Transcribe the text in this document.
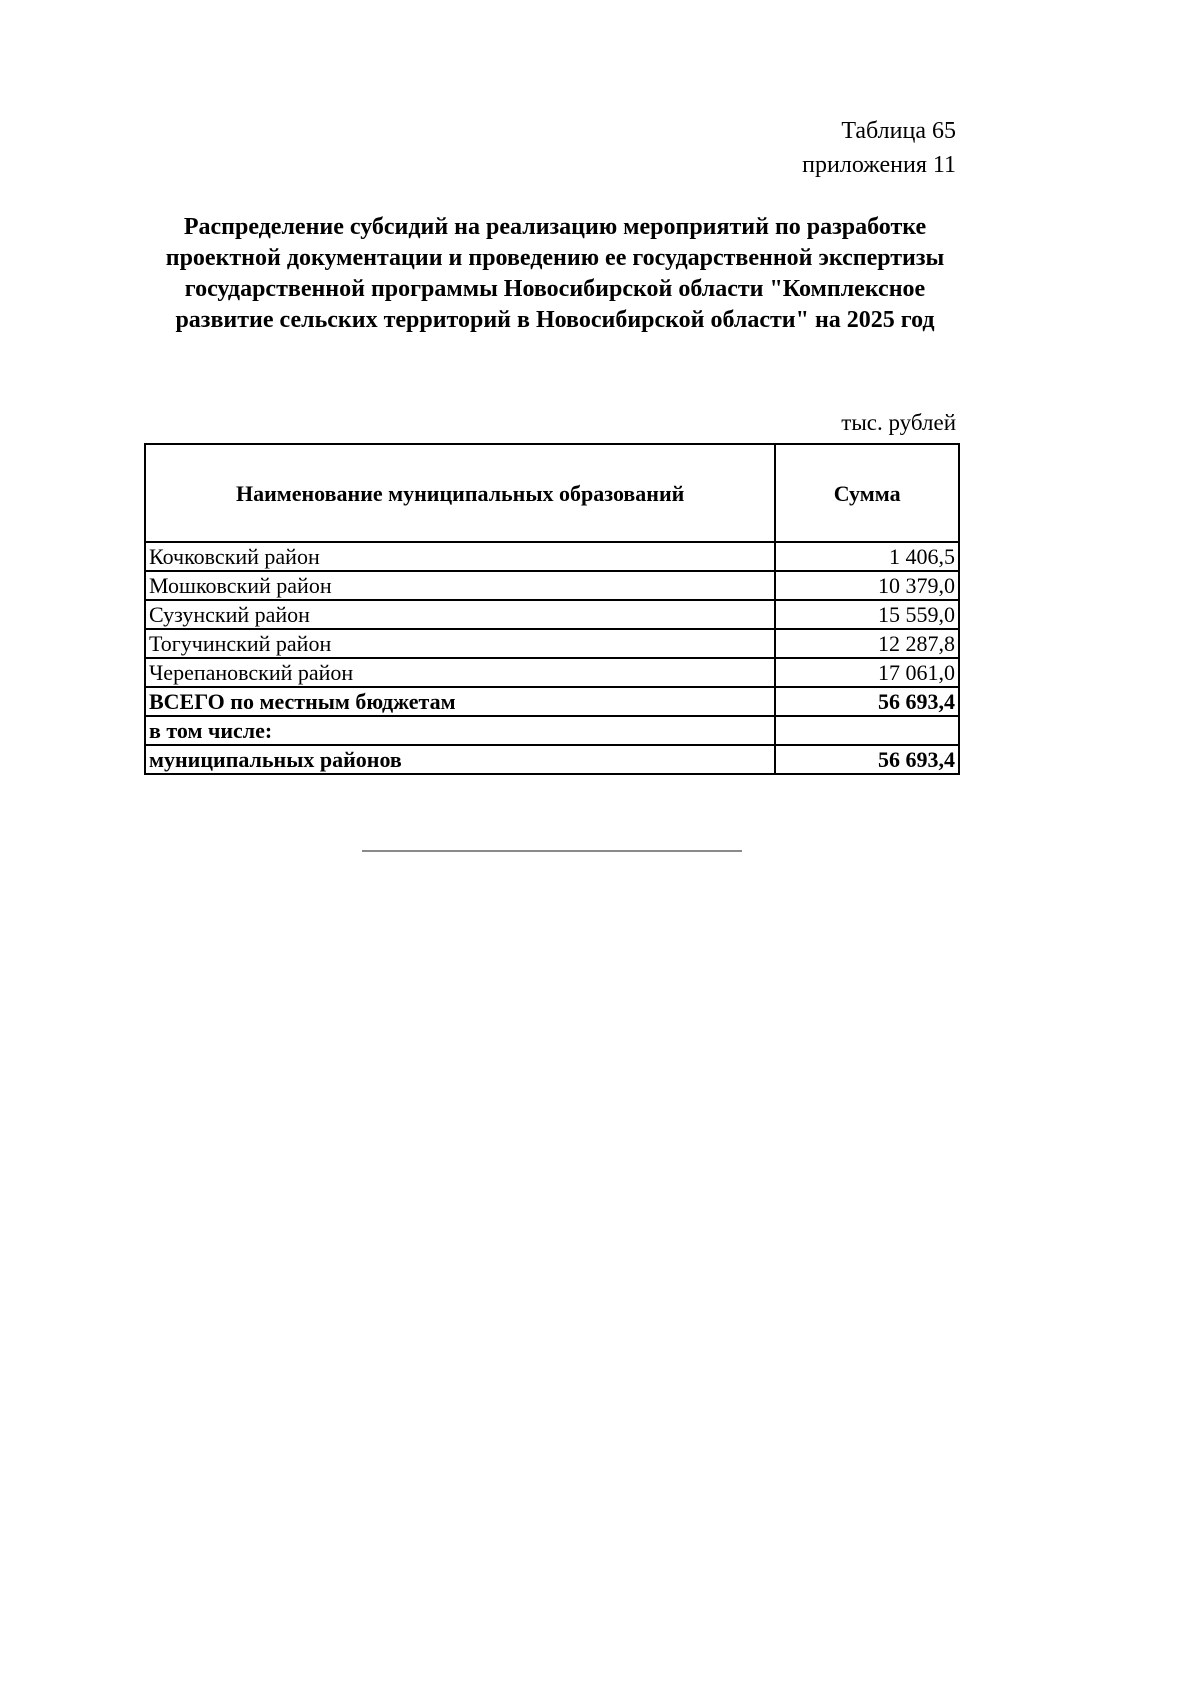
Таблица 65
приложения 11
Распределение субсидий на реализацию мероприятий по разработке
проектной документации и проведению ее государственной экспертизы
государственной программы Новосибирской области "Комплексное
развитие сельских территорий в Новосибирской области" на 2025 год
тыс. рублей
Наименование муниципальных образований	Сумма
Кочковский район	1 406,5
Мошковский район	10 379,0
Сузунский район	15 559,0
Тогучинский район	12 287,8
Черепановский район	17 061,0
ВСЕГО по местным бюджетам	56 693,4
в том числе:	
муниципальных районов	56 693,4
